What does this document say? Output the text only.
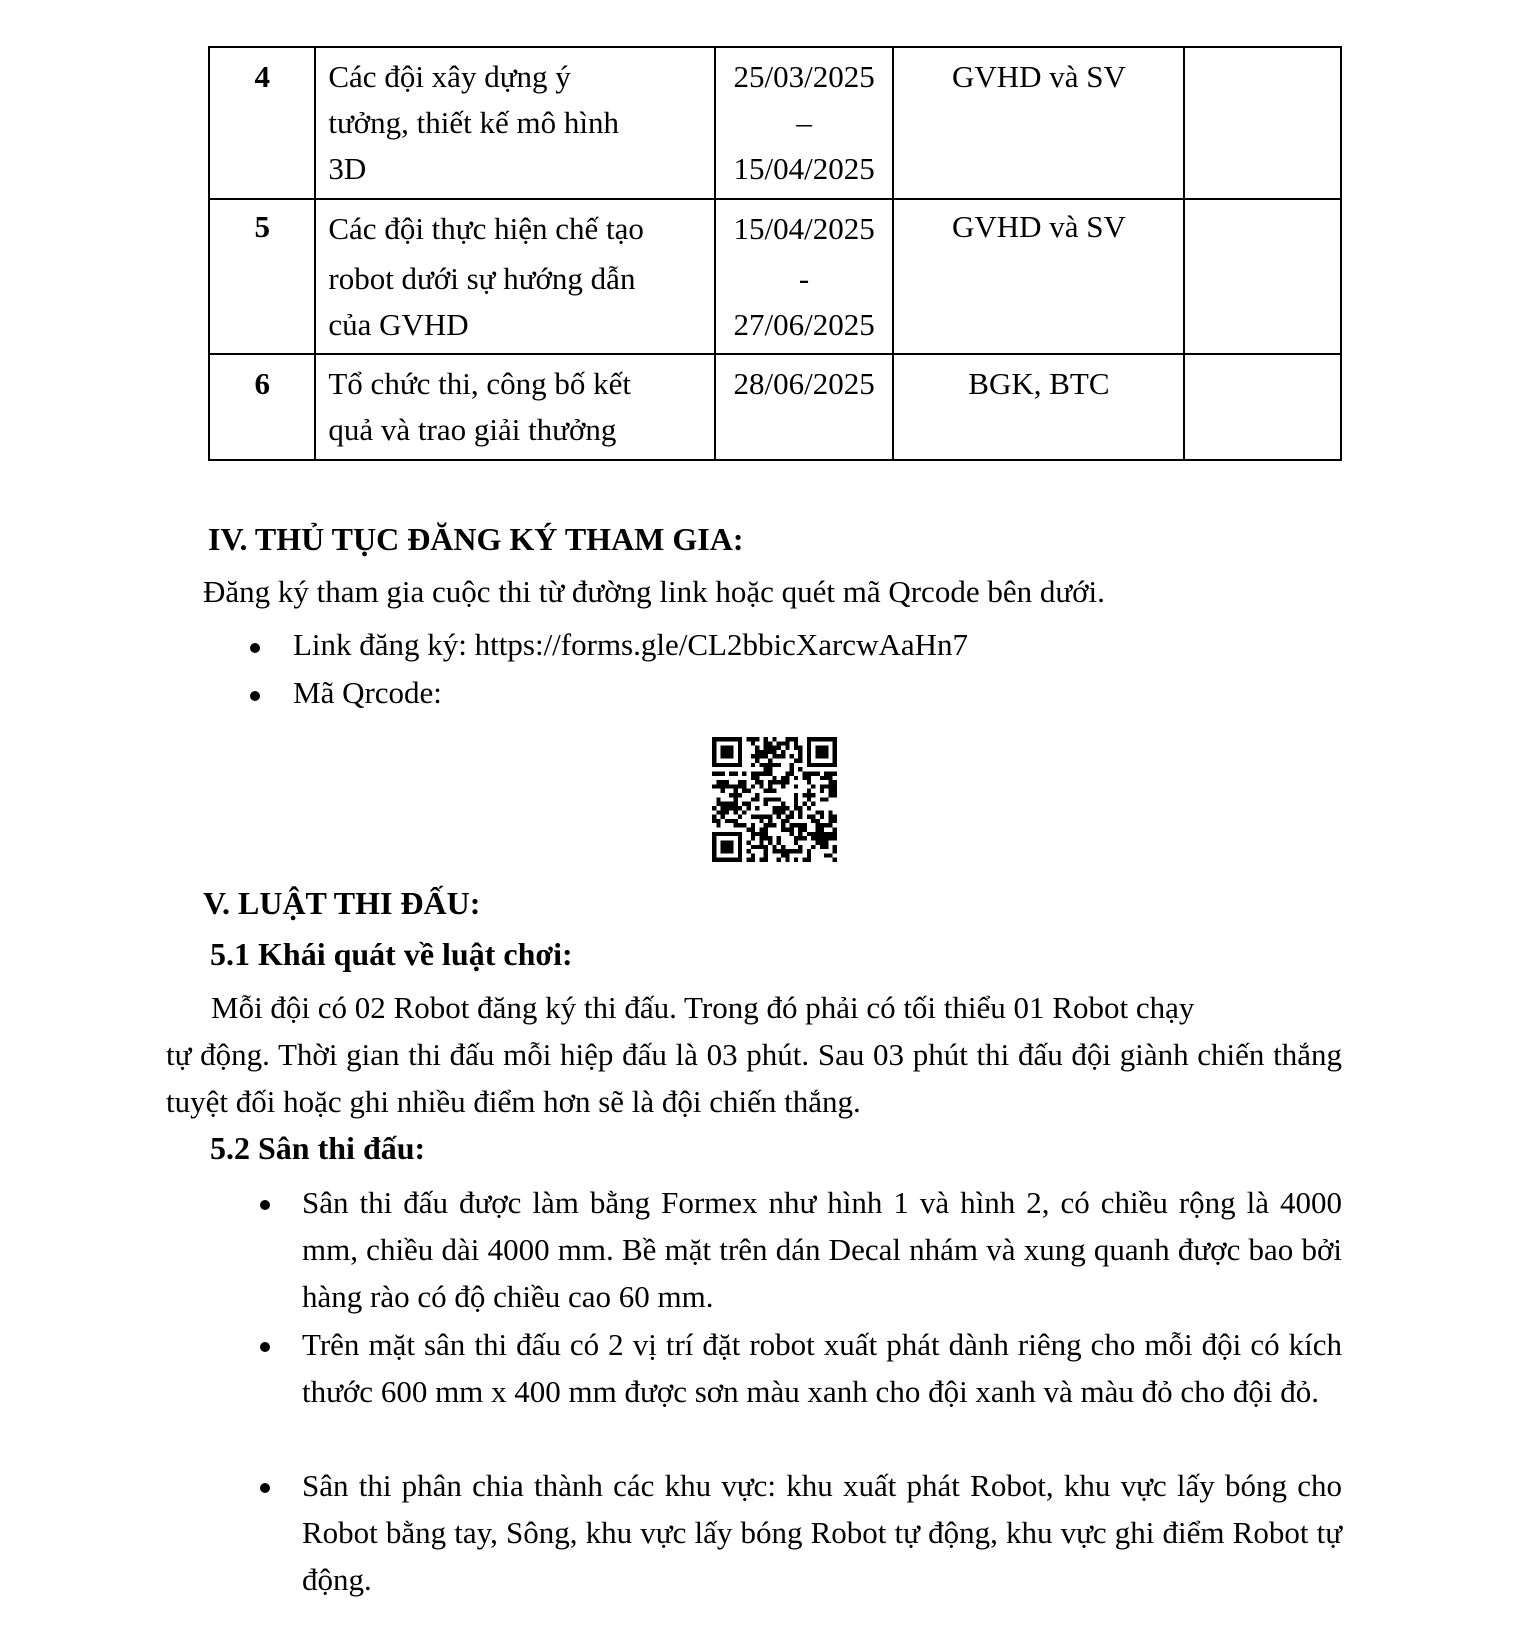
4	Các đội xây dựng ý
tưởng, thiết kế mô hình
3D	25/03/2025
–
15/04/2025	GVHD và SV	
5	Các đội thực hiện chế tạo
robot dưới sự hướng dẫn
của GVHD	15/04/2025
-
27/06/2025	GVHD và SV	
6	Tổ chức thi, công bố kết
quả và trao giải thưởng	28/06/2025	BGK, BTC	
IV. THỦ TỤC ĐĂNG KÝ THAM GIA:
Đăng ký tham gia cuộc thi từ đường link hoặc quét mã Qrcode bên dưới.
Link đăng ký: https://forms.gle/CL2bbicXarcwAaHn7
Mã Qrcode:
V. LUẬT THI ĐẤU:
5.1 Khái quát về luật chơi:
Mỗi đội có 02 Robot đăng ký thi đấu. Trong đó phải có tối thiểu 01 Robot chạy
tự động. Thời gian thi đấu mỗi hiệp đấu là 03 phút. Sau 03 phút thi đấu đội giành chiến thắng tuyệt đối hoặc ghi nhiều điểm hơn sẽ là đội chiến thắng.
5.2 Sân thi đấu:
Sân thi đấu được làm bằng Formex như hình 1 và hình 2, có chiều rộng là 4000 mm, chiều dài 4000 mm. Bề mặt trên dán Decal nhám và xung quanh được bao bởi hàng rào có độ chiều cao 60 mm.
Trên mặt sân thi đấu có 2 vị trí đặt robot xuất phát dành riêng cho mỗi đội có kích thước 600 mm x 400 mm được sơn màu xanh cho đội xanh và màu đỏ cho đội đỏ.
Sân thi phân chia thành các khu vực: khu xuất phát Robot, khu vực lấy bóng cho Robot bằng tay, Sông, khu vực lấy bóng Robot tự động, khu vực ghi điểm Robot tự động.
